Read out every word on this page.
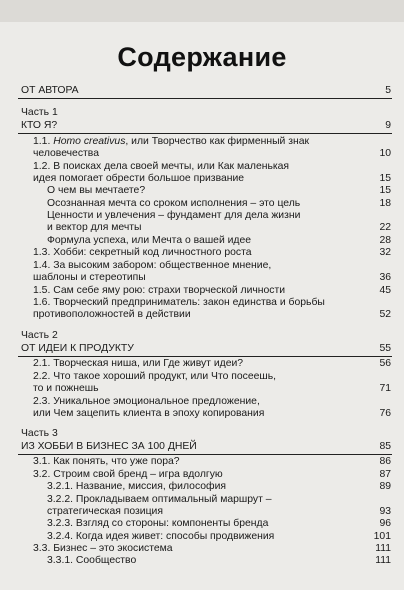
Содержание
ОТ АВТОРА	5
Часть 1
КТО Я?	9
1.1. Homo creativus, или Творчество как фирменный знак
человечества	10
1.2. В поисках дела своей мечты, или Как маленькая
идея помогает обрести большое призвание	15
О чем вы мечтаете?	15
Осознанная мечта со сроком исполнения – это цель	18
Ценности и увлечения – фундамент для дела жизни
и вектор для мечты	22
Формула успеха, или Мечта о вашей идее	28
1.3. Хобби: секретный код личностного роста	32
1.4. За высоким забором: общественное мнение,
шаблоны и стереотипы	36
1.5. Сам себе яму рою: страхи творческой личности	45
1.6. Творческий предприниматель: закон единства и борьбы
противоположностей в действии	52
Часть 2
ОТ ИДЕИ К ПРОДУКТУ	55
2.1. Творческая ниша, или Где живут идеи?	56
2.2. Что такое хороший продукт, или Что посеешь,
то и пожнешь	71
2.3. Уникальное эмоциональное предложение,
или Чем зацепить клиента в эпоху копирования	76
Часть 3
ИЗ ХОББИ В БИЗНЕС ЗА 100 ДНЕЙ	85
3.1. Как понять, что уже пора?	86
3.2. Строим свой бренд – игра вдолгую	87
3.2.1. Название, миссия, философия	89
3.2.2. Прокладываем оптимальный маршрут –
стратегическая позиция	93
3.2.3. Взгляд со стороны: компоненты бренда	96
3.2.4. Когда идея живет: способы продвижения	101
3.3. Бизнес – это экосистема	111
3.3.1. Сообщество	111
